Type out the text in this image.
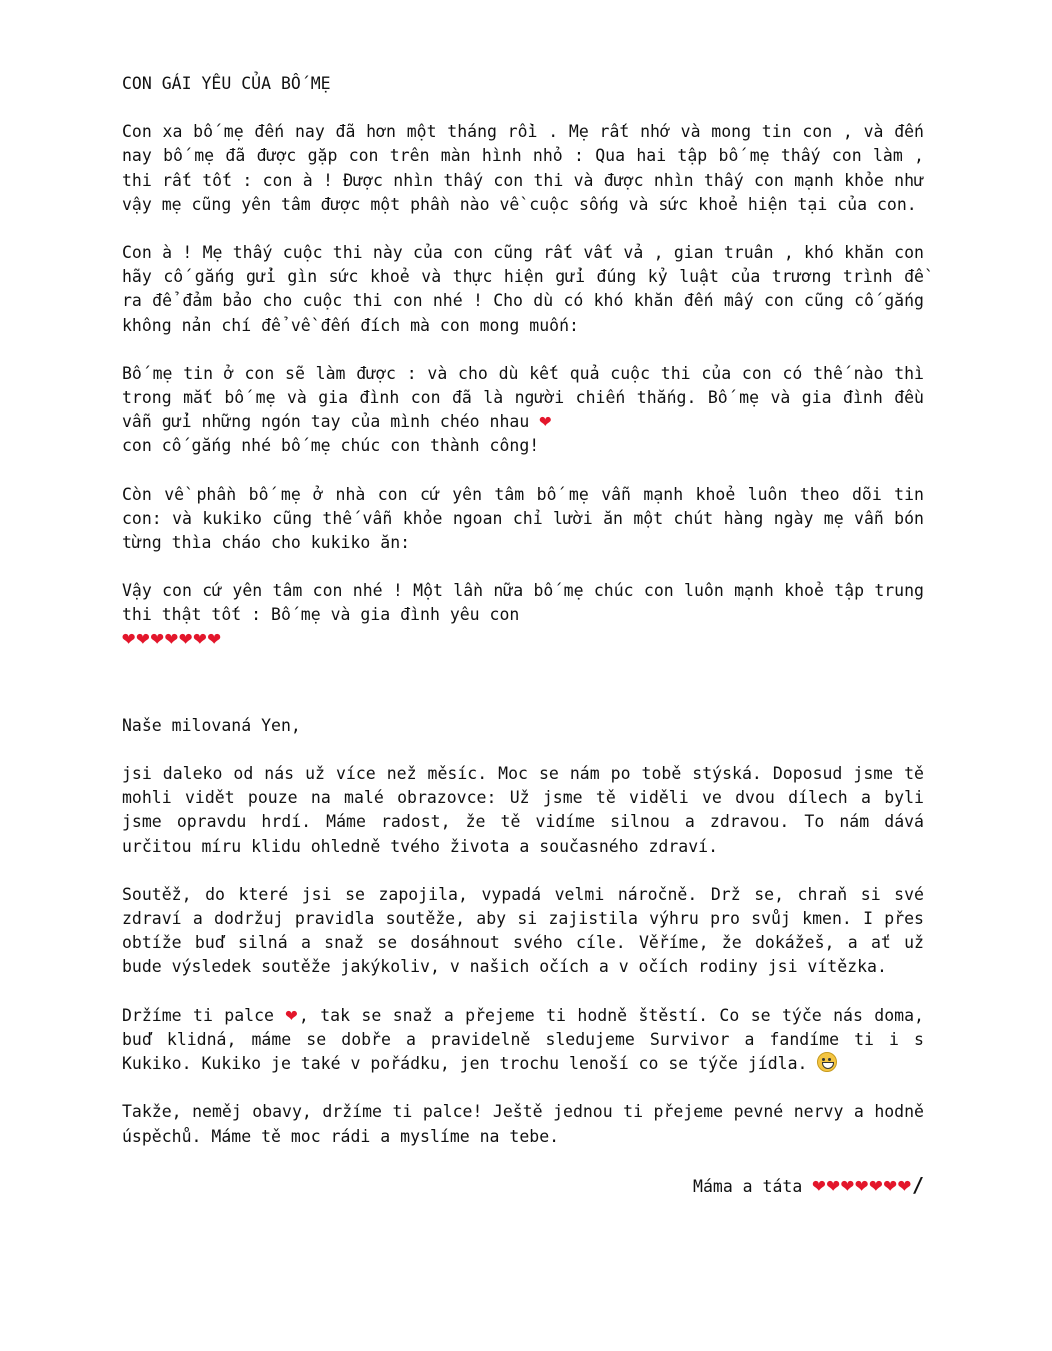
CON GÁI YÊU CỦA BỐ MẸ

Con xa bố mẹ đến nay đã hơn một tháng rồi . Mẹ rất nhớ và mong tin con , và đến nay bố mẹ đã được gặp con trên màn hình nhỏ : Qua hai tập bố mẹ thấy con làm , thi rất tốt : con à ! Được nhìn thấy con thi và được nhìn thấy con mạnh khỏe như vậy mẹ cũng yên tâm được một phần nào về cuộc sống và sức khoẻ hiện tại của con.

Con à ! Mẹ thấy cuộc thi này của con cũng rất vất vả , gian truân , khó khăn con hãy cố gắng gửi gìn sức khoẻ và thực hiện gửi đúng kỷ luật của trương trình đề ra để đảm bảo cho cuộc thi con nhé ! Cho dù có khó khăn đến mấy con cũng cố gắng không nản chí để về đến đích mà con mong muốn:

Bố mẹ tin ở con sẽ làm được : và cho dù kết quả cuộc thi của con có thế nào thì trong mắt bố mẹ và gia đình con đã là người chiến thắng. Bố mẹ và gia đình đều vẫn gửi những ngón tay của mình chéo nhau ❤
con cố gắng nhé bố mẹ chúc con thành công!

Còn về phần bố mẹ ở nhà con cứ yên tâm bố mẹ vẫn mạnh khoẻ luôn theo dõi tin con: và kukiko cũng thế vẫn khỏe ngoan chỉ lười ăn một chút hàng ngày mẹ vẫn bón từng thìa cháo cho kukiko ăn:

Vậy con cứ yên tâm con nhé ! Một lần nữa bố mẹ chúc con luôn mạnh khoẻ tập trung thi thật tốt : Bố mẹ và gia đình yêu con
❤❤❤❤❤❤❤

Naše milovaná Yen,

jsi daleko od nás už více než měsíc. Moc se nám po tobě stýská. Doposud jsme tě mohli vidět pouze na malé obrazovce: Už jsme tě viděli ve dvou dílech a byli jsme opravdu hrdí. Máme radost, že tě vidíme silnou a zdravou. To nám dává určitou míru klidu ohledně tvého života a současného zdraví.

Soutěž, do které jsi se zapojila, vypadá velmi náročně. Drž se, chraň si své zdraví a dodržuj pravidla soutěže, aby si zajistila výhru pro svůj kmen. I přes obtíže buď silná a snaž se dosáhnout svého cíle. Věříme, že dokážeš, a ať už bude výsledek soutěže jakýkoliv, v našich očích a v očích rodiny jsi vítězka.

Držíme ti palce ❤, tak se snaž a přejeme ti hodně štěstí. Co se týče nás doma, buď klidná, máme se dobře a pravidelně sledujeme Survivor a fandíme ti i s Kukiko. Kukiko je také v pořádku, jen trochu lenoší co se týče jídla.

Takže, neměj obavy, držíme ti palce! Ještě jednou ti přejeme pevné nervy a hodně úspěchů. Máme tě moc rádi a myslíme na tebe.

Máma a táta ❤❤❤❤❤❤❤/
